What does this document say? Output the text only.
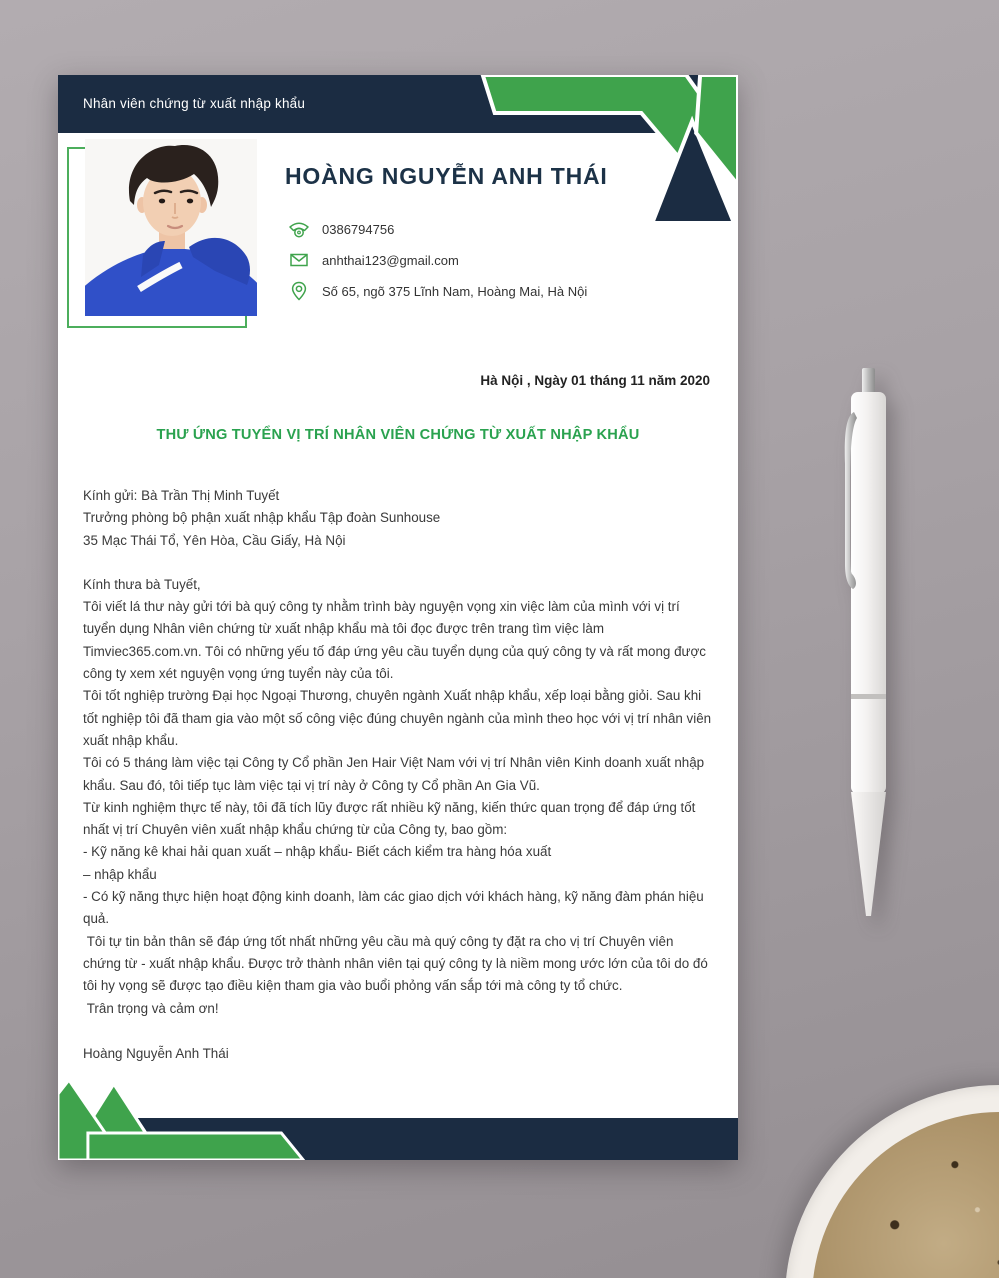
Nhân viên chứng từ xuất nhập khẩu
HOÀNG NGUYỄN ANH THÁI
0386794756
anhthai123@gmail.com
Số 65, ngõ 375 Lĩnh Nam, Hoàng Mai, Hà Nội
Hà Nội , Ngày 01 tháng 11 năm 2020
THƯ ỨNG TUYỂN VỊ TRÍ NHÂN VIÊN CHỨNG TỪ XUẤT NHẬP KHẨU

Kính gửi: Bà Trần Thị Minh Tuyết

Trưởng phòng bộ phận xuất nhập khẩu Tập đoàn Sunhouse

35 Mạc Thái Tổ, Yên Hòa, Cầu Giấy, Hà Nội

Kính thưa bà Tuyết,

Tôi viết lá thư này gửi tới bà quý công ty nhằm trình bày nguyện vọng xin việc làm của mình với vị trí tuyển dụng Nhân viên chứng từ xuất nhập khẩu mà tôi đọc được trên trang tìm việc làm Timviec365.com.vn. Tôi có những yếu tố đáp ứng yêu cầu tuyển dụng của quý công ty và rất mong được công ty xem xét nguyện vọng ứng tuyển này của tôi.

Tôi tốt nghiệp trường Đại học Ngoại Thương, chuyên ngành Xuất nhập khẩu, xếp loại bằng giỏi. Sau khi tốt nghiệp tôi đã tham gia vào một số công việc đúng chuyên ngành của mình theo học với vị trí nhân viên xuất nhập khẩu.

Tôi có 5 tháng làm việc tại Công ty Cổ phần Jen Hair Việt Nam với vị trí Nhân viên Kinh doanh xuất nhập khẩu. Sau đó, tôi tiếp tục làm việc tại vị trí này ở Công ty Cổ phần An Gia Vũ.

Từ kinh nghiệm thực tế này, tôi đã tích lũy được rất nhiều kỹ năng, kiến thức quan trọng để đáp ứng tốt nhất vị trí Chuyên viên xuất nhập khẩu chứng từ của Công ty, bao gồm:

- Kỹ năng kê khai hải quan xuất – nhập khẩu- Biết cách kiểm tra hàng hóa xuất

– nhập khẩu

- Có kỹ năng thực hiện hoạt động kinh doanh, làm các giao dịch với khách hàng, kỹ năng đàm phán hiệu quả.

Tôi tự tin bản thân sẽ đáp ứng tốt nhất những yêu cầu mà quý công ty đặt ra cho vị trí Chuyên viên chứng từ - xuất nhập khẩu. Được trở thành nhân viên tại quý công ty là niềm mong ước lớn của tôi do đó tôi hy vọng sẽ được tạo điều kiện tham gia vào buổi phỏng vấn sắp tới mà công ty tổ chức.

Trân trọng và cảm ơn!

Hoàng Nguyễn Anh Thái
